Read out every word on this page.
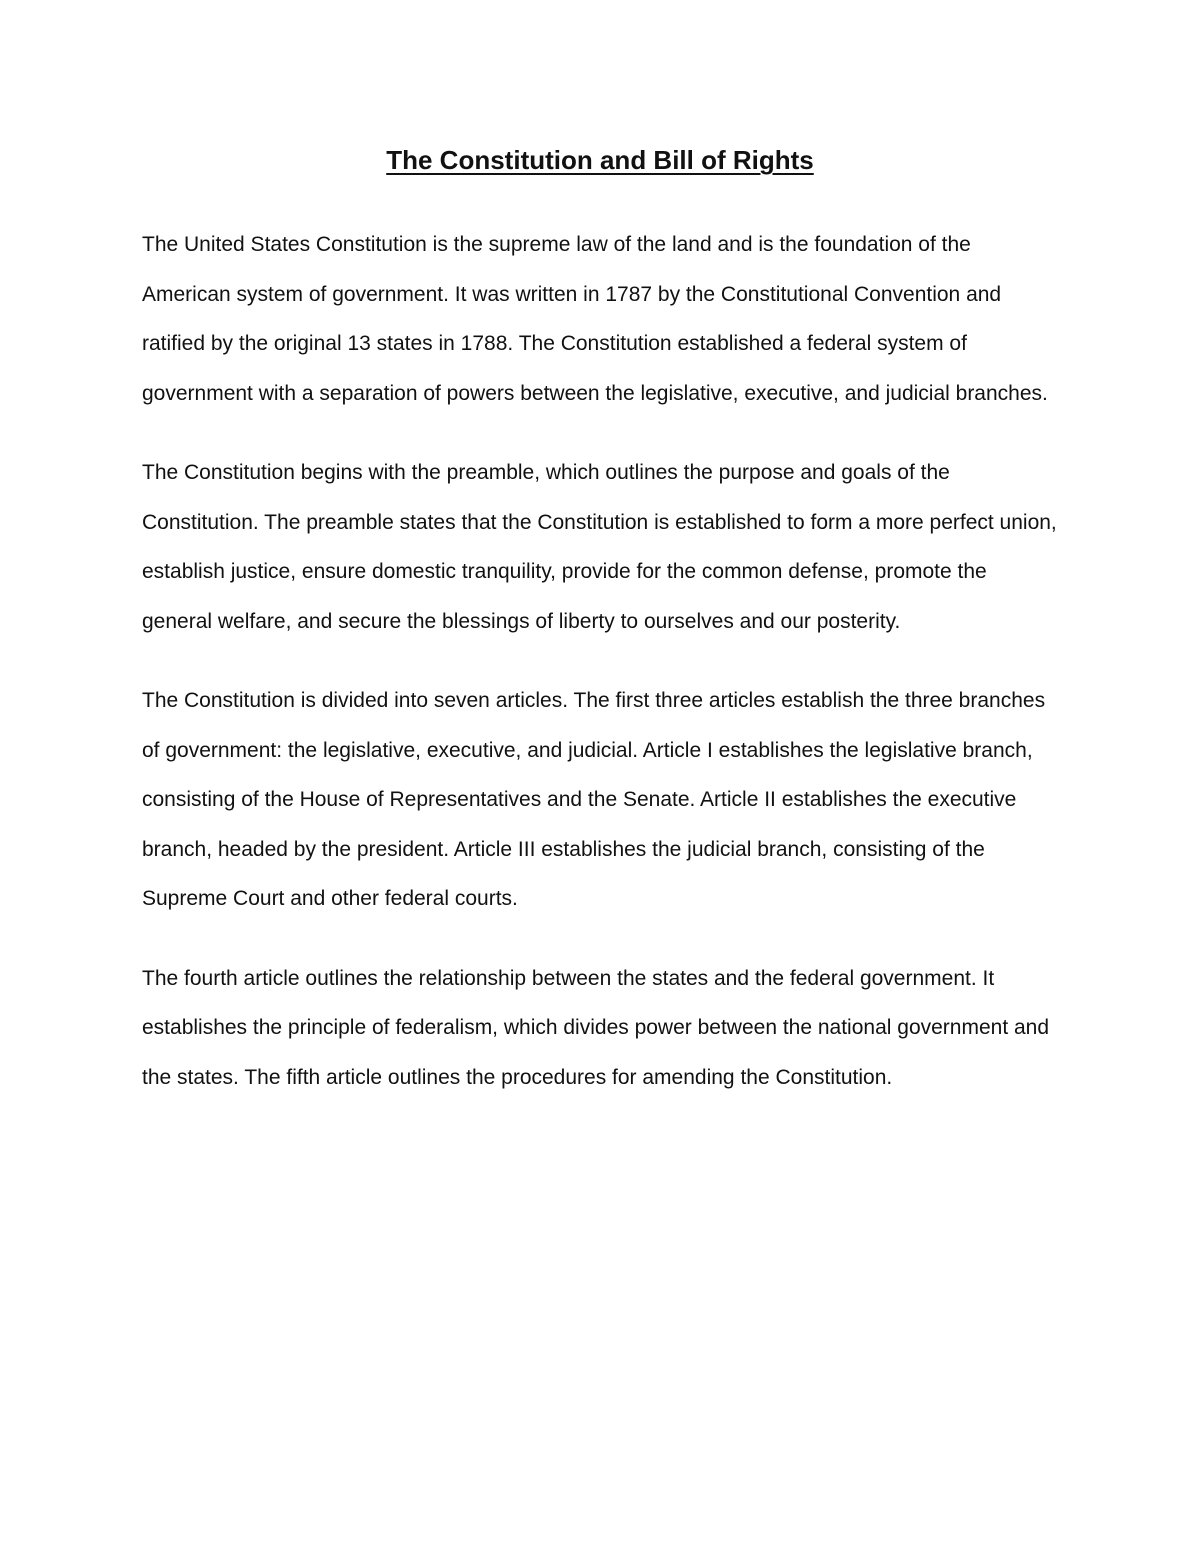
The Constitution and Bill of Rights

The United States Constitution is the supreme law of the land and is the foundation of the American system of government. It was written in 1787 by the Constitutional Convention and ratified by the original 13 states in 1788. The Constitution established a federal system of government with a separation of powers between the legislative, executive, and judicial branches.

The Constitution begins with the preamble, which outlines the purpose and goals of the Constitution. The preamble states that the Constitution is established to form a more perfect union, establish justice, ensure domestic tranquility, provide for the common defense, promote the general welfare, and secure the blessings of liberty to ourselves and our posterity.

The Constitution is divided into seven articles. The first three articles establish the three branches of government: the legislative, executive, and judicial. Article I establishes the legislative branch, consisting of the House of Representatives and the Senate. Article II establishes the executive branch, headed by the president. Article III establishes the judicial branch, consisting of the Supreme Court and other federal courts.

The fourth article outlines the relationship between the states and the federal government. It establishes the principle of federalism, which divides power between the national government and the states. The fifth article outlines the procedures for amending the Constitution.
